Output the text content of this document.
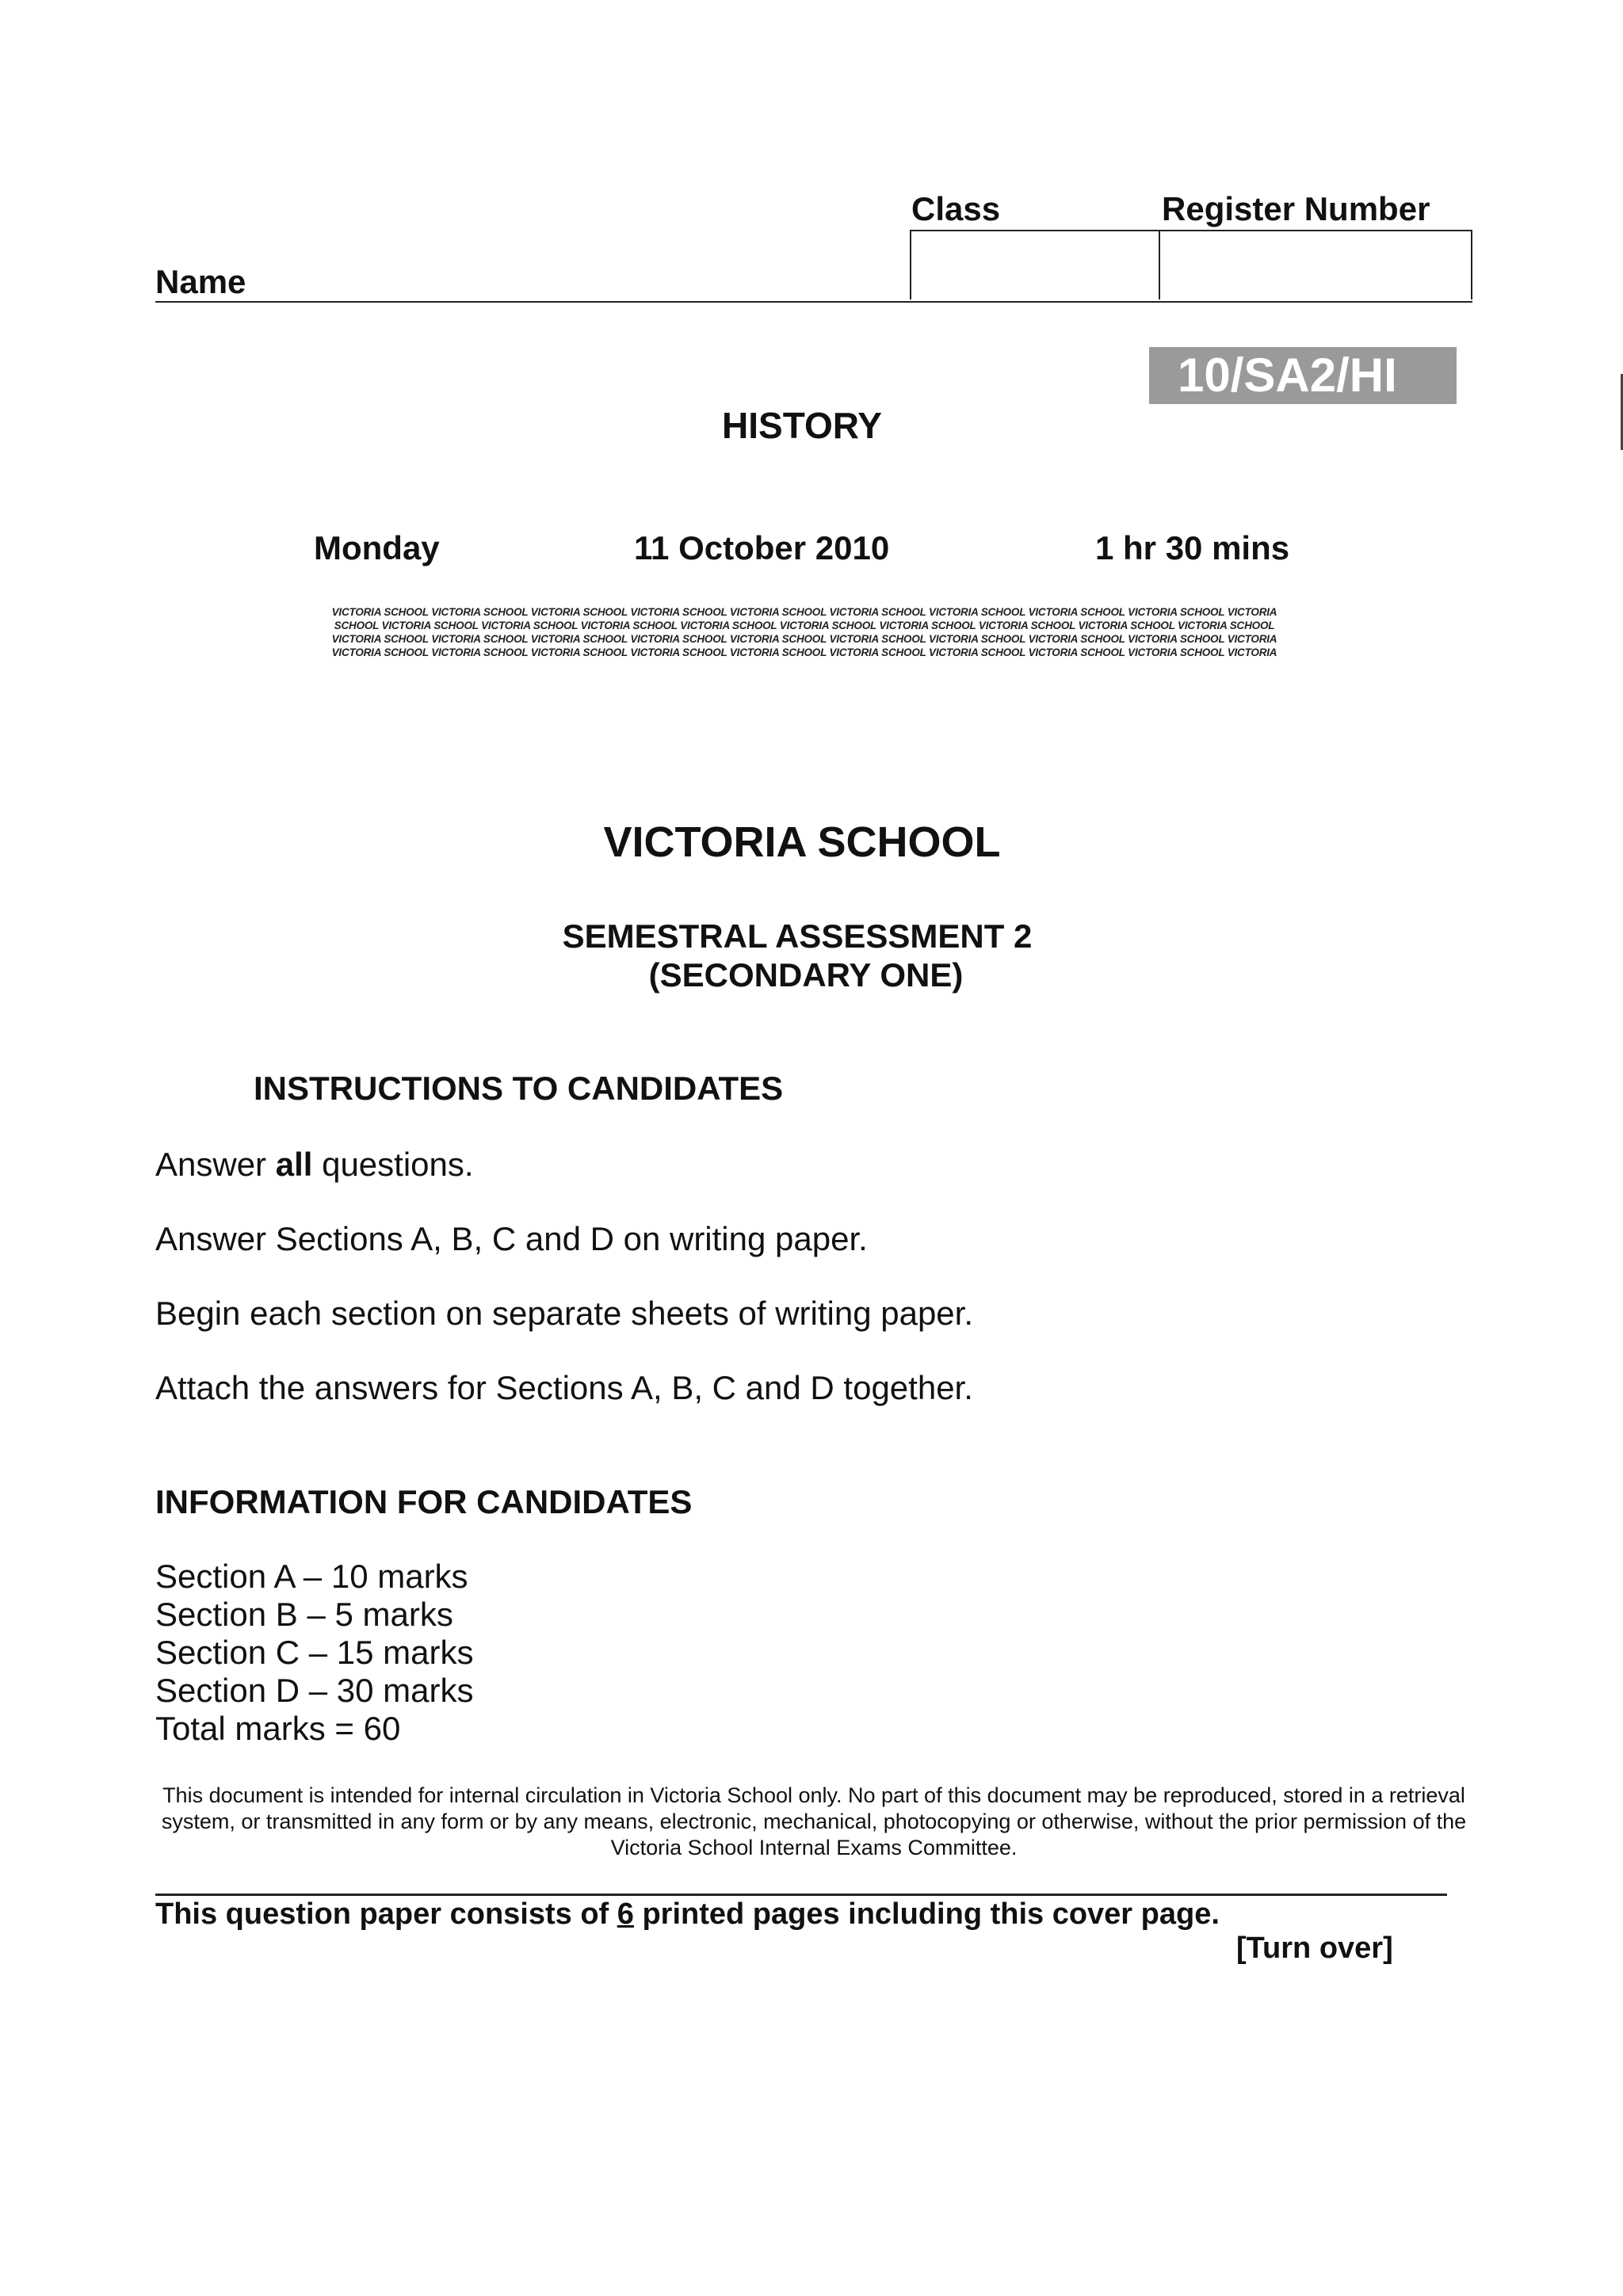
Class	Register Number
Name
10/SA2/HI
HISTORY
Monday	11 October 2010	1 hr 30 mins
VICTORIA SCHOOL VICTORIA SCHOOL VICTORIA SCHOOL VICTORIA SCHOOL VICTORIA SCHOOL VICTORIA SCHOOL VICTORIA SCHOOL VICTORIA SCHOOL VICTORIA SCHOOL VICTORIA
SCHOOL VICTORIA SCHOOL VICTORIA SCHOOL VICTORIA SCHOOL VICTORIA SCHOOL VICTORIA SCHOOL VICTORIA SCHOOL VICTORIA SCHOOL VICTORIA SCHOOL VICTORIA SCHOOL
VICTORIA SCHOOL VICTORIA SCHOOL VICTORIA SCHOOL VICTORIA SCHOOL VICTORIA SCHOOL VICTORIA SCHOOL VICTORIA SCHOOL VICTORIA SCHOOL VICTORIA SCHOOL VICTORIA
VICTORIA SCHOOL VICTORIA SCHOOL VICTORIA SCHOOL VICTORIA SCHOOL VICTORIA SCHOOL VICTORIA SCHOOL VICTORIA SCHOOL VICTORIA SCHOOL VICTORIA SCHOOL VICTORIA
VICTORIA SCHOOL
SEMESTRAL ASSESSMENT 2
(SECONDARY ONE)
INSTRUCTIONS TO CANDIDATES
Answer all questions.
Answer Sections A, B, C and D on writing paper.
Begin each section on separate sheets of writing paper.
Attach the answers for Sections A, B, C and D together.
INFORMATION FOR CANDIDATES
Section A – 10 marks
Section B – 5 marks
Section C – 15 marks
Section D – 30 marks
Total marks = 60
This document is intended for internal circulation in Victoria School only. No part of this document may be reproduced, stored in a retrieval system, or transmitted in any form or by any means, electronic, mechanical, photocopying or otherwise, without the prior permission of the Victoria School Internal Exams Committee.
This question paper consists of 6 printed pages including this cover page.
[Turn over]
